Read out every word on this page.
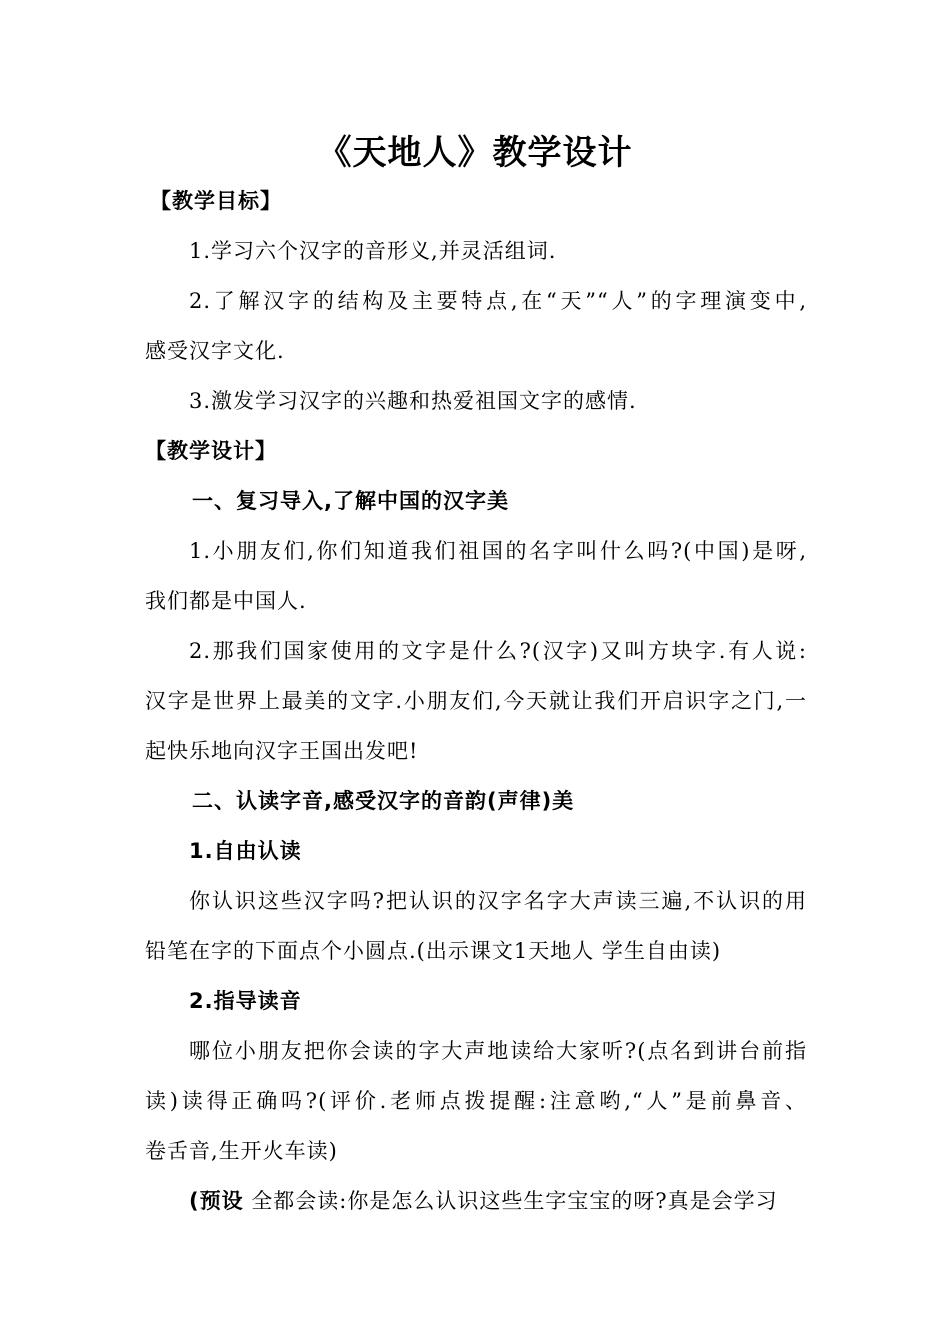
《天地人》教学设计
【教学目标】
1.学习六个汉字的音形义,并灵活组词.
2.了解汉字的结构及主要特点,在“天”“人”的字理演变中,
感受汉字文化.
3.激发学习汉字的兴趣和热爱祖国文字的感情.
【教学设计】
一、复习导入,了解中国的汉字美
1.小朋友们,你们知道我们祖国的名字叫什么吗?(中国)是呀,
我们都是中国人.
2.那我们国家使用的文字是什么?(汉字)又叫方块字.有人说:
汉字是世界上最美的文字.小朋友们,今天就让我们开启识字之门,一
起快乐地向汉字王国出发吧!
二、认读字音,感受汉字的音韵(声律)美
1.自由认读
你认识这些汉字吗?把认识的汉字名字大声读三遍,不认识的用
铅笔在字的下面点个小圆点.(出示课文1天地人 学生自由读)
2.指导读音
哪位小朋友把你会读的字大声地读给大家听?(点名到讲台前指
读)读得正确吗?(评价.老师点拨提醒:注意哟,“人”是前鼻音、
卷舌音,生开火车读)
(预设 全都会读:你是怎么认识这些生字宝宝的呀?真是会学习
